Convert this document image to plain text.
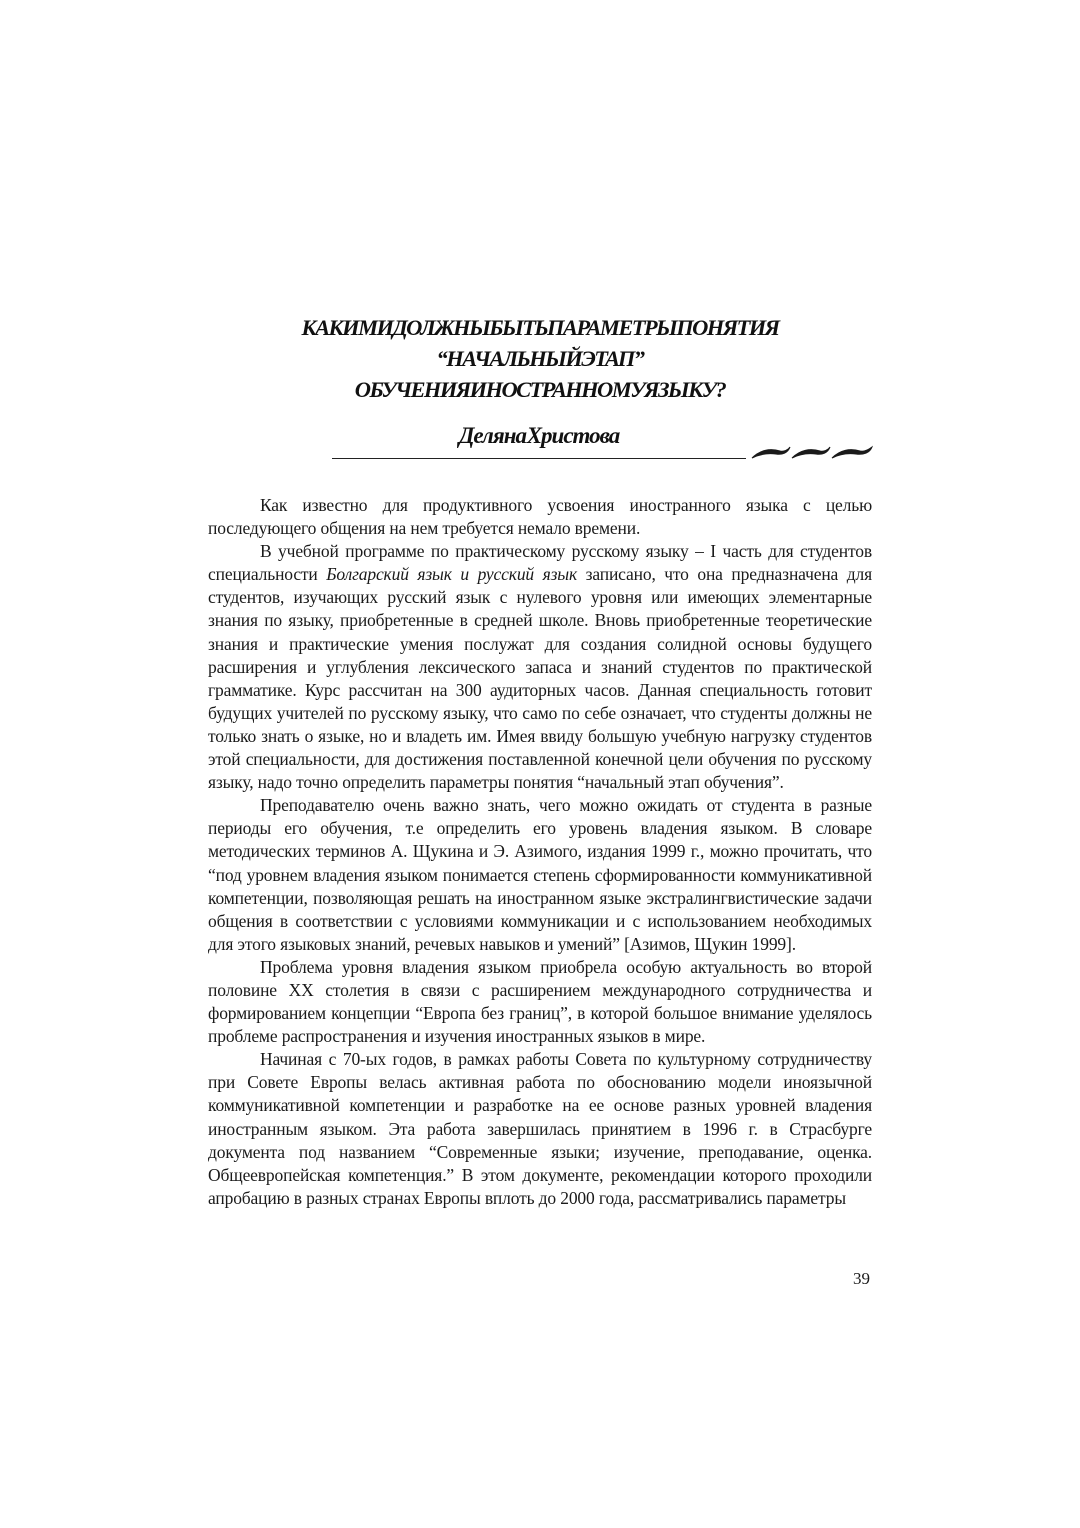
КАКИМИ ДОЛЖНЫ БЫТЬ ПАРАМЕТРЫ ПОНЯТИЯ
“НАЧАЛЬНЫЙ ЭТАП”
ОБУЧЕНИЯ ИНОСТРАННОМУ ЯЗЫКУ?
Деляна Христова

Как известно для продуктивного усвоения иностранного языка с целью последующего общения на нем требуется немало времени.

В учебной программе по практическому русскому языку – I часть для студентов специальности Болгарский язык и русский язык записано, что она предназначена для студентов, изучающих русский язык с нулевого уровня или имеющих элементарные знания по языку, приобретенные в средней школе. Вновь приобретенные теоретические знания и практические умения послужат для создания солидной основы будущего расширения и углубления лексического запаса и знаний студентов по практической грамматике. Курс рассчитан на 300 аудиторных часов. Данная специальность готовит будущих учителей по русскому языку, что само по себе означает, что студенты должны не только знать о языке, но и владеть им. Имея ввиду большую учебную нагрузку студентов этой специальности, для достижения поставленной конечной цели обучения по русскому языку, надо точно определить параметры понятия “начальный этап обучения”.

Преподавателю очень важно знать, чего можно ожидать от студента в разные периоды его обучения, т.е определить его уровень владения языком. В словаре методических терминов А. Щукина и Э. Азимого, издания 1999 г., можно прочитать, что “под уровнем владения языком понимается степень сформированности коммуникативной компетенции, позволяющая решать на иностранном языке экстралингвистические задачи общения в соответствии с условиями коммуникации и с использованием необходимых для этого языковых знаний, речевых навыков и умений” [Азимов, Щукин 1999].

Проблема уровня владения языком приобрела особую актуальность во второй половине XX столетия в связи с расширением международного сотрудничества и формированием концепции “Европа без границ”, в которой большое внимание уделялось проблеме распространения и изучения иностранных языков в мире.

Начиная с 70-ых годов, в рамках работы Совета по культурному сотрудничеству при Совете Европы велась активная работа по обоснованию модели иноязычной коммуникативной компетенции и разработке на ее основе разных уровней владения иностранным языком. Эта работа завершилась принятием в 1996 г. в Страсбурге документа под названием “Современные языки; изучение, преподавание, оценка. Общеевропейская компетенция.” В этом документе, рекомендации которого проходили апробацию в разных странах Европы вплоть до 2000 года, рассматривались параметры

39
